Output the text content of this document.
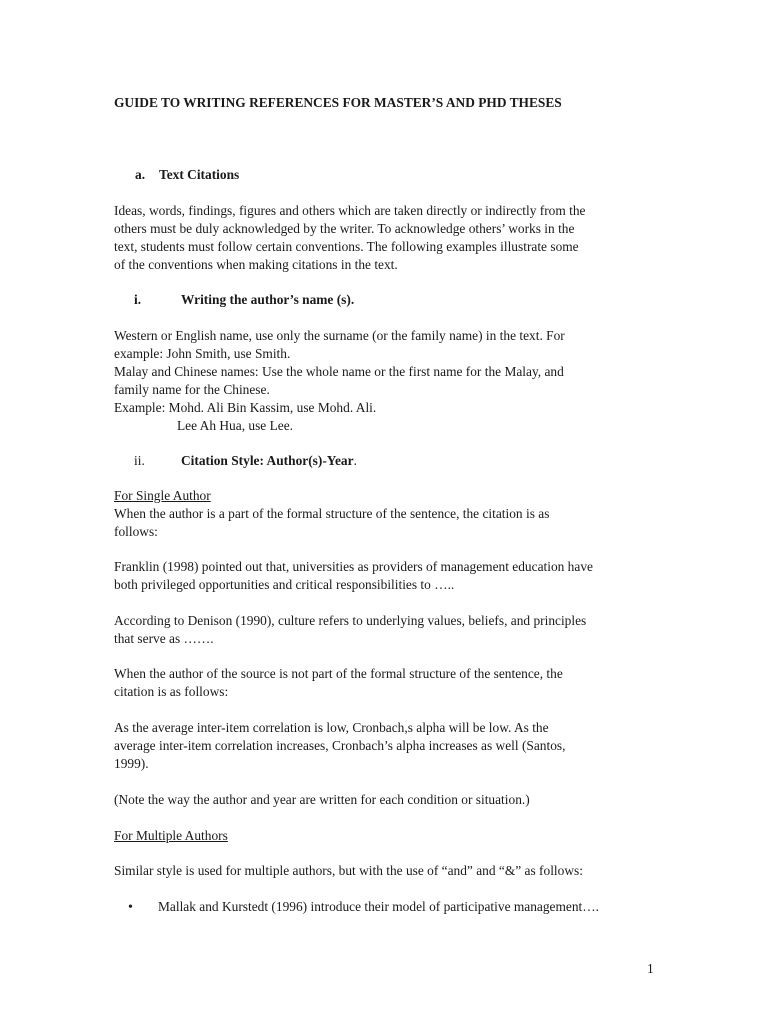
GUIDE TO WRITING REFERENCES FOR MASTER’S AND PHD THESES
a. Text Citations
Ideas, words, findings, figures and others which are taken directly or indirectly from the
others must be duly acknowledged by the writer. To acknowledge others’ works in the
text, students must follow certain conventions. The following examples illustrate some
of the conventions when making citations in the text.
i.	Writing the author’s name (s).
Western or English name, use only the surname (or the family name) in the text. For
example: John Smith, use Smith.
Malay and Chinese names: Use the whole name or the first name for the Malay, and
family name for the Chinese.
Example: Mohd. Ali Bin Kassim, use Mohd. Ali.
Lee Ah Hua, use Lee.
ii.	Citation Style: Author(s)-Year.
For Single Author
When the author is a part of the formal structure of the sentence, the citation is as
follows:
Franklin (1998) pointed out that, universities as providers of management education have
both privileged opportunities and critical responsibilities to …..
According to Denison (1990), culture refers to underlying values, beliefs, and principles
that serve as …….
When the author of the source is not part of the formal structure of the sentence, the
citation is as follows:
As the average inter-item correlation is low, Cronbach,s alpha will be low. As the
average inter-item correlation increases, Cronbach’s alpha increases as well (Santos,
1999).
(Note the way the author and year are written for each condition or situation.)
For Multiple Authors
Similar style is used for multiple authors, but with the use of “and” and “&” as follows:
• Mallak and Kurstedt (1996) introduce their model of participative management….
1
